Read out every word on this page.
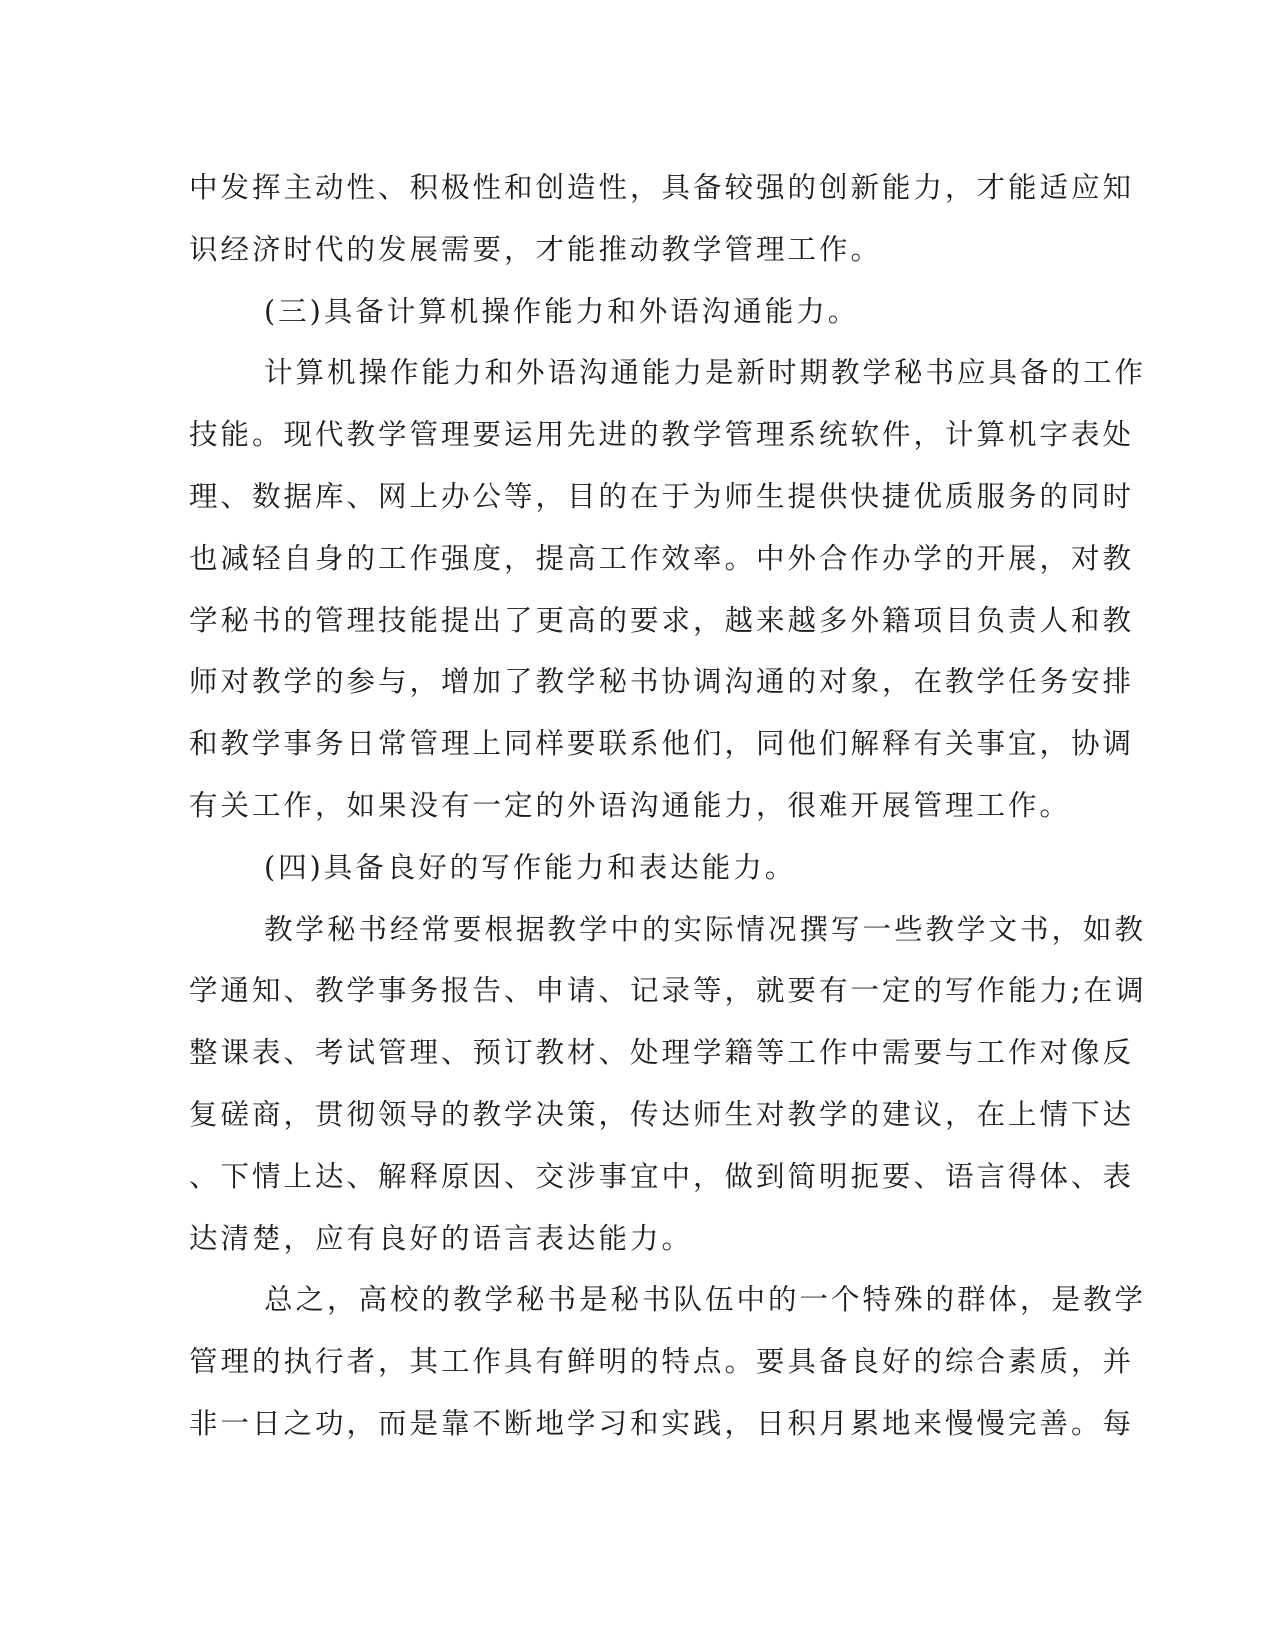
中发挥主动性、积极性和创造性，具备较强的创新能力，才能适应知
识经济时代的发展需要，才能推动教学管理工作。
(三)具备计算机操作能力和外语沟通能力。
计算机操作能力和外语沟通能力是新时期教学秘书应具备的工作
技能。现代教学管理要运用先进的教学管理系统软件，计算机字表处
理、数据库、网上办公等，目的在于为师生提供快捷优质服务的同时
也减轻自身的工作强度，提高工作效率。中外合作办学的开展，对教
学秘书的管理技能提出了更高的要求，越来越多外籍项目负责人和教
师对教学的参与，增加了教学秘书协调沟通的对象，在教学任务安排
和教学事务日常管理上同样要联系他们，同他们解释有关事宜，协调
有关工作，如果没有一定的外语沟通能力，很难开展管理工作。
(四)具备良好的写作能力和表达能力。
教学秘书经常要根据教学中的实际情况撰写一些教学文书，如教
学通知、教学事务报告、申请、记录等，就要有一定的写作能力;在调
整课表、考试管理、预订教材、处理学籍等工作中需要与工作对像反
复磋商，贯彻领导的教学决策，传达师生对教学的建议，在上情下达
、下情上达、解释原因、交涉事宜中，做到简明扼要、语言得体、表
达清楚，应有良好的语言表达能力。
总之，高校的教学秘书是秘书队伍中的一个特殊的群体，是教学
管理的执行者，其工作具有鲜明的特点。要具备良好的综合素质，并
非一日之功，而是靠不断地学习和实践，日积月累地来慢慢完善。每
